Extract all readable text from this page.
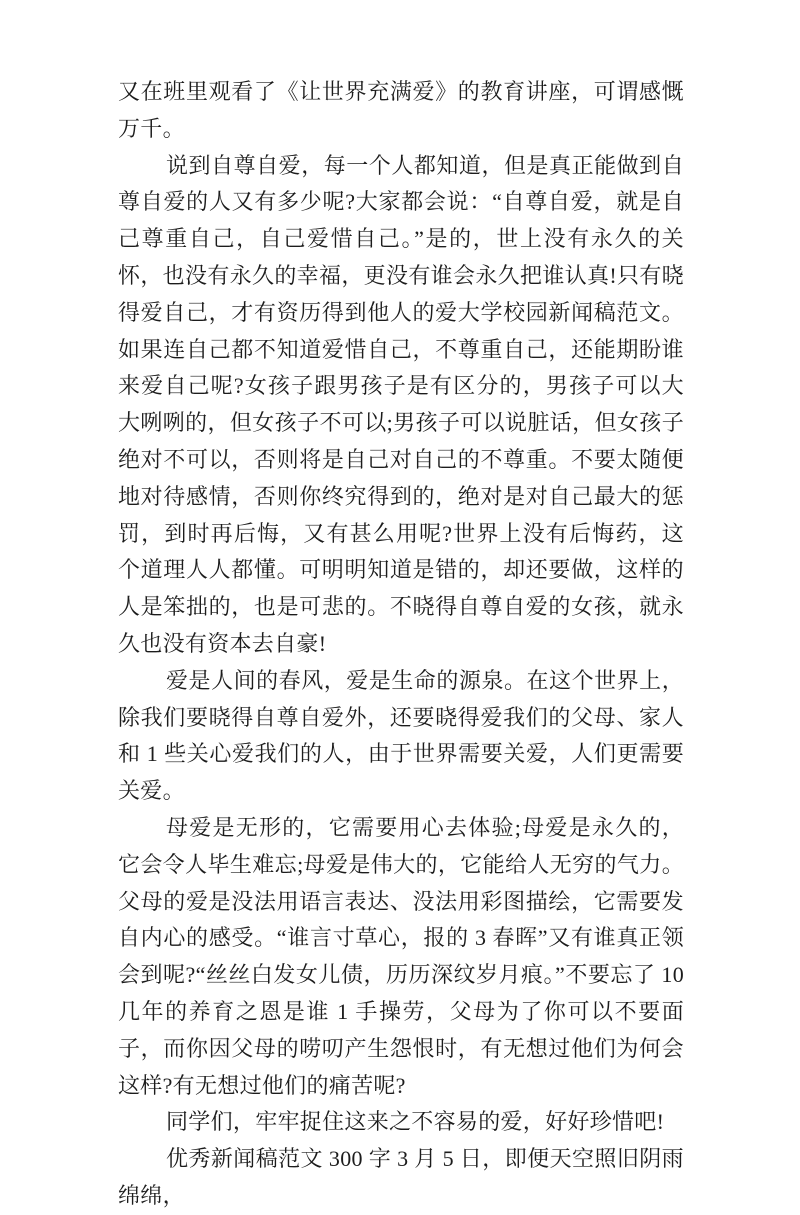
又在班里观看了《让世界充满爱》的教育讲座，可谓感慨万千。

说到自尊自爱，每一个人都知道，但是真正能做到自尊自爱的人又有多少呢?大家都会说：“自尊自爱，就是自己尊重自己，自己爱惜自己。”是的，世上没有永久的关怀，也没有永久的幸福，更没有谁会永久把谁认真!只有晓得爱自己，才有资历得到他人的爱大学校园新闻稿范文。如果连自己都不知道爱惜自己，不尊重自己，还能期盼谁来爱自己呢?女孩子跟男孩子是有区分的，男孩子可以大大咧咧的，但女孩子不可以;男孩子可以说脏话，但女孩子绝对不可以，否则将是自己对自己的不尊重。不要太随便地对待感情，否则你终究得到的，绝对是对自己最大的惩罚，到时再后悔，又有甚么用呢?世界上没有后悔药，这个道理人人都懂。可明明知道是错的，却还要做，这样的人是笨拙的，也是可悲的。不晓得自尊自爱的女孩，就永久也没有资本去自豪!

爱是人间的春风，爱是生命的源泉。在这个世界上，除我们要晓得自尊自爱外，还要晓得爱我们的父母、家人和 1 些关心爱我们的人，由于世界需要关爱，人们更需要关爱。

母爱是无形的，它需要用心去体验;母爱是永久的，它会令人毕生难忘;母爱是伟大的，它能给人无穷的气力。父母的爱是没法用语言表达、没法用彩图描绘，它需要发自内心的感受。“谁言寸草心，报的 3 春晖”又有谁真正领会到呢?“丝丝白发女儿债，历历深纹岁月痕。”不要忘了 10 几年的养育之恩是谁 1 手操劳，父母为了你可以不要面子，而你因父母的唠叨产生怨恨时，有无想过他们为何会这样?有无想过他们的痛苦呢?

同学们，牢牢捉住这来之不容易的爱，好好珍惜吧!

优秀新闻稿范文 300 字 3 月 5 日，即便天空照旧阴雨绵绵，
